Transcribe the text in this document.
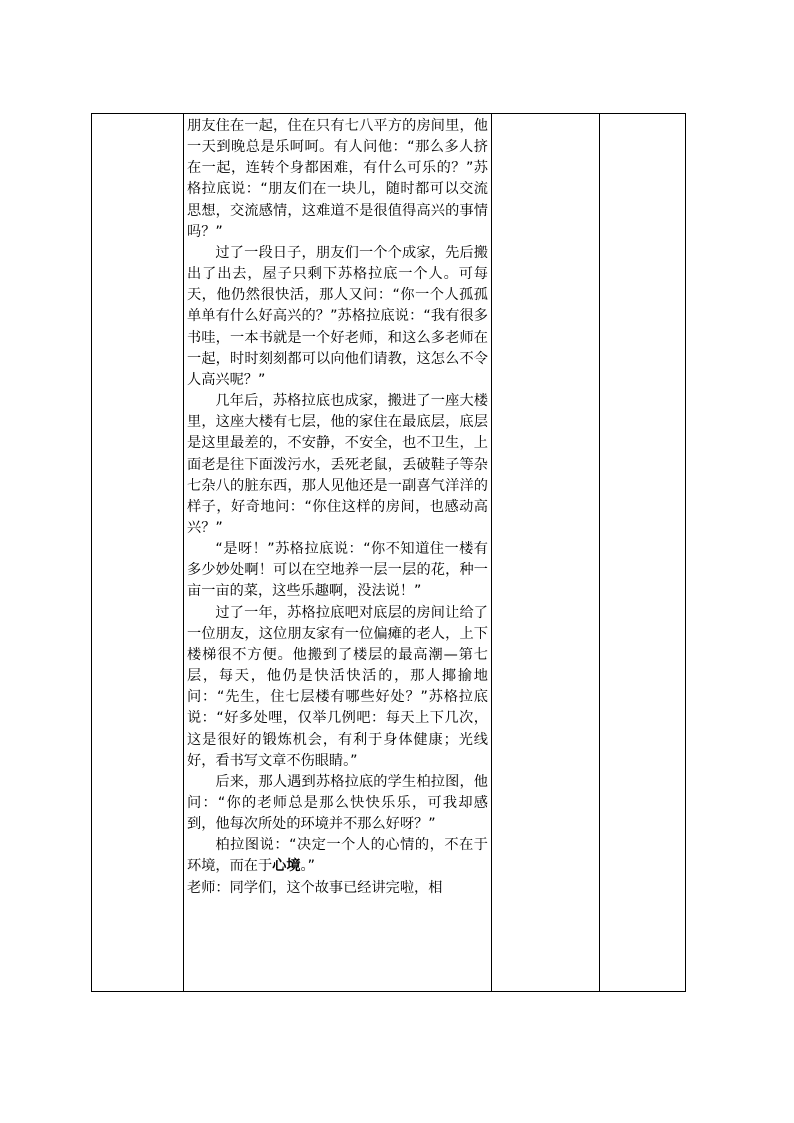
朋友住在一起，住在只有七八平方的房间里，他一天到晚总是乐呵呵。有人问他：“那么多人挤在一起，连转个身都困难，有什么可乐的？”苏格拉底说：“朋友们在一块儿，随时都可以交流思想，交流感情，这难道不是很值得高兴的事情吗？”

过了一段日子，朋友们一个个成家，先后搬出了出去，屋子只剩下苏格拉底一个人。可每天，他仍然很快活，那人又问：“你一个人孤孤单单有什么好高兴的？”苏格拉底说：“我有很多书哇，一本书就是一个好老师，和这么多老师在一起，时时刻刻都可以向他们请教，这怎么不令人高兴呢？”

几年后，苏格拉底也成家，搬进了一座大楼里，这座大楼有七层，他的家住在最底层，底层是这里最差的，不安静，不安全，也不卫生，上面老是往下面泼污水，丢死老鼠，丢破鞋子等杂七杂八的脏东西，那人见他还是一副喜气洋洋的样子，好奇地问：“你住这样的房间，也感动高兴？”

“是呀！”苏格拉底说：“你不知道住一楼有多少妙处啊！可以在空地养一层一层的花，种一亩一亩的菜，这些乐趣啊，没法说！”

过了一年，苏格拉底吧对底层的房间让给了一位朋友，这位朋友家有一位偏瘫的老人，上下楼梯很不方便。他搬到了楼层的最高潮—第七层，每天，他仍是快活快活的，那人揶揄地问：“先生，住七层楼有哪些好处？”苏格拉底说：“好多处哩，仅举几例吧：每天上下几次，这是很好的锻炼机会，有利于身体健康；光线好，看书写文章不伤眼睛。”

后来，那人遇到苏格拉底的学生柏拉图，他问：“你的老师总是那么快快乐乐，可我却感到，他每次所处的环境并不那么好呀？”

柏拉图说：“决定一个人的心情的，不在于环境，而在于心境。”

老师：同学们，这个故事已经讲完啦，相
